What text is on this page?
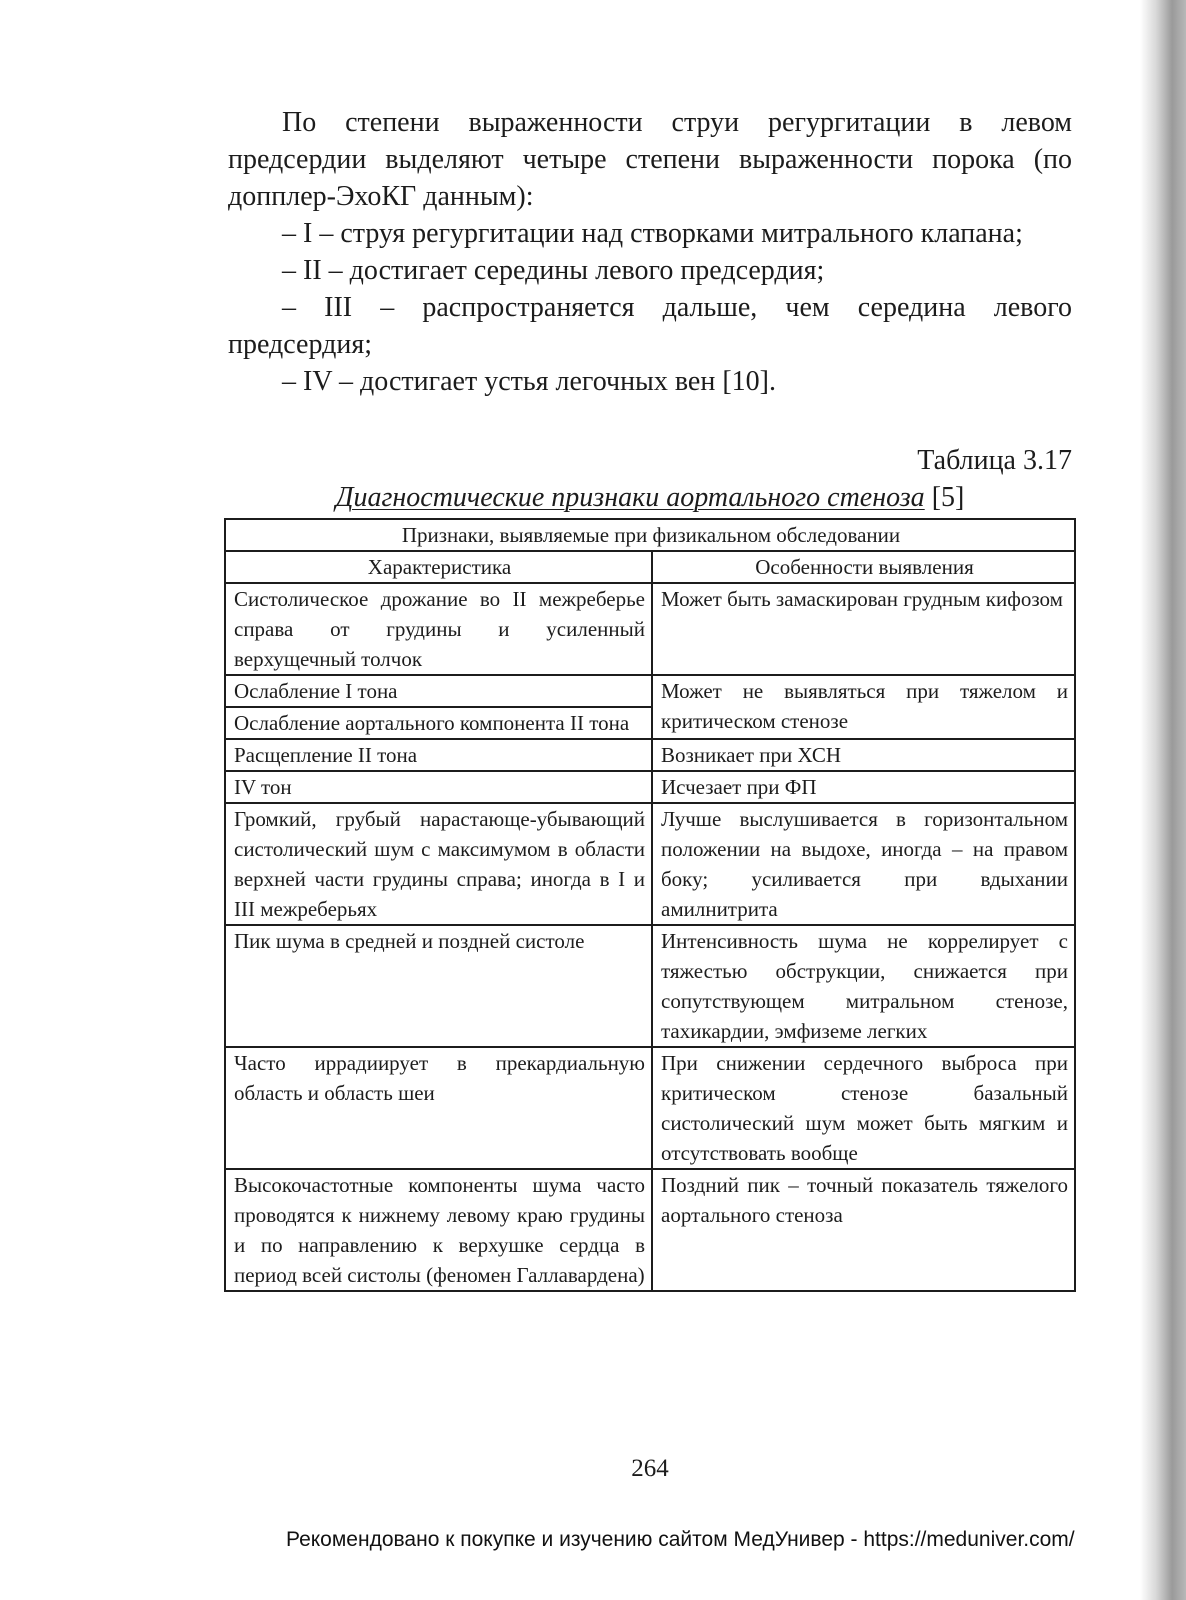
По степени выраженности струи регургитации в левом предсердии выделяют четыре степени выраженности порока (по допплер-ЭхоКГ данным):

– I – струя регургитации над створками митрального клапана;

– II – достигает середины левого предсердия;

– III – распространяется дальше, чем середина левого предсердия;

– IV – достигает устья легочных вен [10].

Таблица 3.17
Диагностические признаки аортального стеноза [5]
Признаки, выявляемые при физикальном обследовании	
Характеристика	Особенности выявления
Систолическое дрожание во II межреберье справа от грудины и усиленный верхущечный толчок	Может быть замаскирован грудным кифозом
Ослабление I тона	Может не выявляться при тяжелом и критическом стенозе
Ослабление аортального компонента II тона	
Расщепление II тона	Возникает при ХСН
IV тон	Исчезает при ФП
Громкий, грубый нарастающе-убывающий систолический шум с максимумом в области верхней части грудины справа; иногда в I и III межреберьях	Лучше выслушивается в горизонтальном положении на выдохе, иногда – на правом боку; усиливается при вдыхании амилнитрита
Пик шума в средней и поздней систоле	Интенсивность шума не коррелирует с тяжестью обструкции, снижается при сопутствующем митральном стенозе, тахикардии, эмфиземе легких
Часто иррадиирует в прекардиальную область и область шеи	При снижении сердечного выброса при критическом стенозе базальный систолический шум может быть мягким и отсутствовать вообще
Высокочастотные компоненты шума часто проводятся к нижнему левому краю грудины и по направлению к верхушке сердца в период всей систолы (феномен Галлавардена)	Поздний пик – точный показатель тяжелого аортального стеноза
264
Рекомендовано к покупке и изучению сайтом МедУнивер - https://meduniver.com/
